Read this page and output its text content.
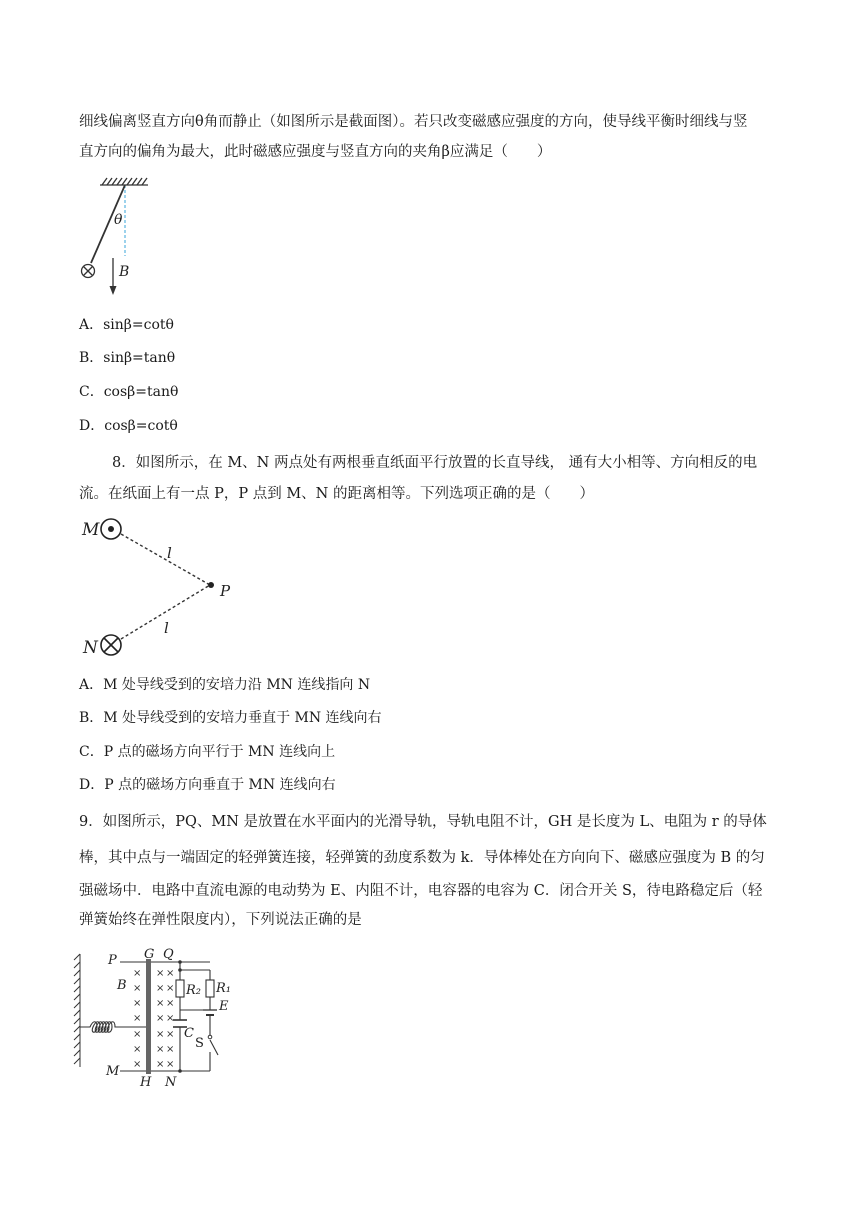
细线偏离竖直方向θ角而静止（如图所示是截面图）。若只改变磁感应强度的方向，使导线平衡时细线与竖
直方向的偏角为最大，此时磁感应强度与竖直方向的夹角β应满足（　　）
θ
B
A．sinβ=cotθ
B．sinβ=tanθ
C．cosβ=tanθ
D．cosβ=cotθ
8．如图所示，在 M、N 两点处有两根垂直纸面平行放置的长直导线， 通有大小相等、方向相反的电
流。在纸面上有一点 P，P 点到 M、N 的距离相等。下列选项正确的是（　　）
M
P
l
l
N
A．M 处导线受到的安培力沿 MN 连线指向 N
B．M 处导线受到的安培力垂直于 MN 连线向右
C．P 点的磁场方向平行于 MN 连线向上
D．P 点的磁场方向垂直于 MN 连线向右
9．如图所示，PQ、MN 是放置在水平面内的光滑导轨，导轨电阻不计，GH 是长度为 L、电阻为 r 的导体
棒，其中点与一端固定的轻弹簧连接，轻弹簧的劲度系数为 k．导体棒处在方向向下、磁感应强度为 B 的匀
强磁场中．电路中直流电源的电动势为 E、内阻不计，电容器的电容为 C．闭合开关 S，待电路稳定后（轻
弹簧始终在弹性限度内），下列说法正确的是
× × ×
× × ×
× × ×
× × ×
× × ×
× × ×
× × ×
P G Q
B	R₂ R₁
E
C
S
M
H N
